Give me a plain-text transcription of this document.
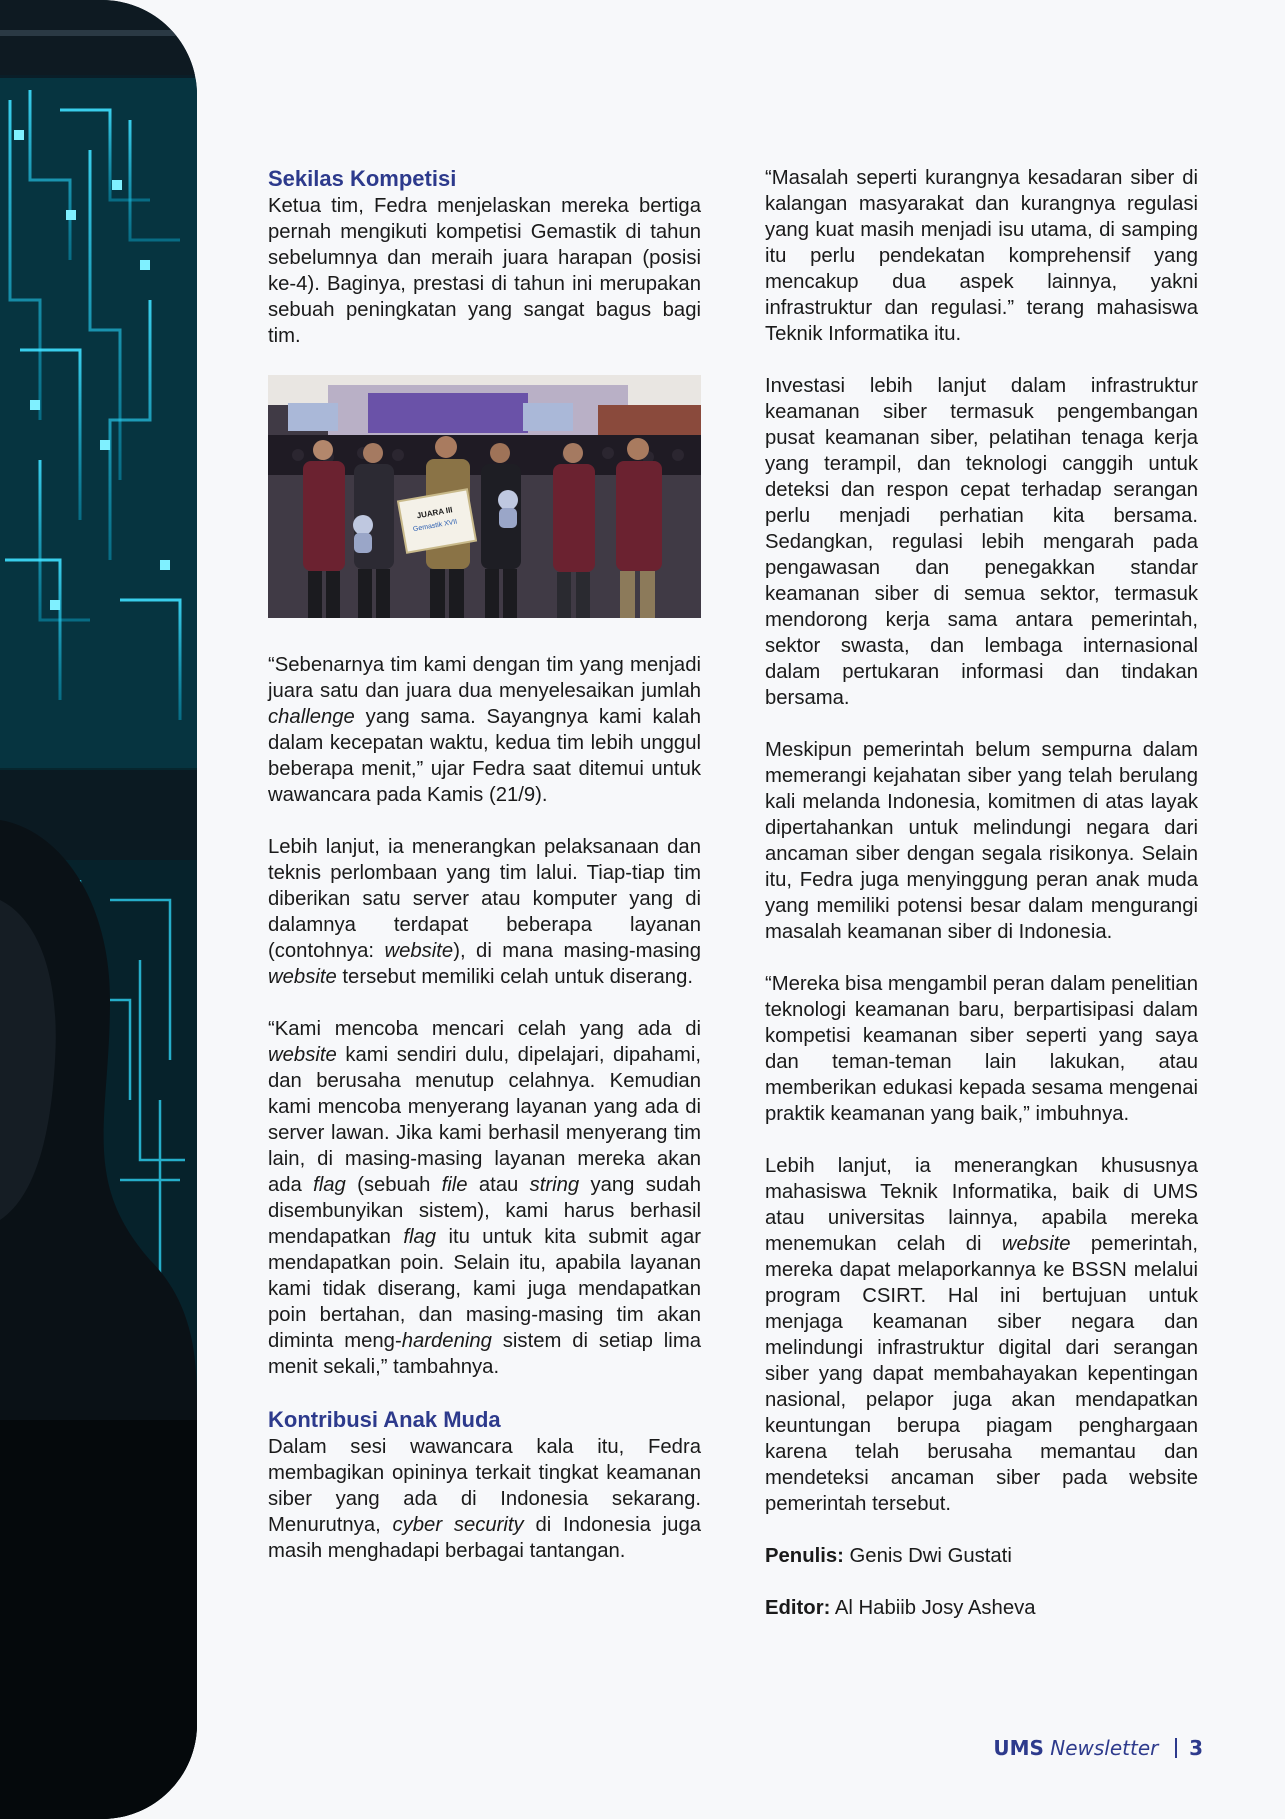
Sekilas Kompetisi

Ketua tim, Fedra menjelaskan mereka bertiga pernah mengikuti kompetisi Gemastik di tahun sebelumnya dan meraih juara harapan (posisi ke-4). Baginya, prestasi di tahun ini merupakan sebuah peningkatan yang sangat bagus bagi tim.

JUARA III
Gemastik XVII

“Sebenarnya tim kami dengan tim yang menjadi juara satu dan juara dua menyelesaikan jumlah challenge yang sama. Sayangnya kami kalah dalam kecepatan waktu, kedua tim lebih unggul beberapa menit,” ujar Fedra saat ditemui untuk wawancara pada Kamis (21/9).

Lebih lanjut, ia menerangkan pelaksanaan dan teknis perlombaan yang tim lalui. Tiap-tiap tim diberikan satu server atau komputer yang di dalamnya terdapat beberapa layanan (contohnya: website), di mana masing-masing website tersebut memiliki celah untuk diserang.

“Kami mencoba mencari celah yang ada di website kami sendiri dulu, dipelajari, dipahami, dan berusaha menutup celahnya. Kemudian kami mencoba menyerang layanan yang ada di server lawan. Jika kami berhasil menyerang tim lain, di masing-masing layanan mereka akan ada flag (sebuah file atau string yang sudah disembunyikan sistem), kami harus berhasil mendapatkan flag itu untuk kita submit agar mendapatkan poin. Selain itu, apabila layanan kami tidak diserang, kami juga mendapatkan poin bertahan, dan masing-masing tim akan diminta meng-hardening sistem di setiap lima menit sekali,” tambahnya.

Kontribusi Anak Muda

Dalam sesi wawancara kala itu, Fedra membagikan opininya terkait tingkat keamanan siber yang ada di Indonesia sekarang. Menurutnya, cyber security di Indonesia juga masih menghadapi berbagai tantangan.

“Masalah seperti kurangnya kesadaran siber di kalangan masyarakat dan kurangnya regulasi yang kuat masih menjadi isu utama, di samping itu perlu pendekatan komprehensif yang mencakup dua aspek lainnya, yakni infrastruktur dan regulasi.” terang mahasiswa Teknik Informatika itu.

Investasi lebih lanjut dalam infrastruktur keamanan siber termasuk pengembangan pusat keamanan siber, pelatihan tenaga kerja yang terampil, dan teknologi canggih untuk deteksi dan respon cepat terhadap serangan perlu menjadi perhatian kita bersama. Sedangkan, regulasi lebih mengarah pada pengawasan dan penegakkan standar keamanan siber di semua sektor, termasuk mendorong kerja sama antara pemerintah, sektor swasta, dan lembaga internasional dalam pertukaran informasi dan tindakan bersama.

Meskipun pemerintah belum sempurna dalam memerangi kejahatan siber yang telah berulang kali melanda Indonesia, komitmen di atas layak dipertahankan untuk melindungi negara dari ancaman siber dengan segala risikonya. Selain itu, Fedra juga menyinggung peran anak muda yang memiliki potensi besar dalam mengurangi masalah keamanan siber di Indonesia.

“Mereka bisa mengambil peran dalam penelitian teknologi keamanan baru, berpartisipasi dalam kompetisi keamanan siber seperti yang saya dan teman-teman lain lakukan, atau memberikan edukasi kepada sesama mengenai praktik keamanan yang baik,” imbuhnya.

Lebih lanjut, ia menerangkan khususnya mahasiswa Teknik Informatika, baik di UMS atau universitas lainnya, apabila mereka menemukan celah di website pemerintah, mereka dapat melaporkannya ke BSSN melalui program CSIRT. Hal ini bertujuan untuk menjaga keamanan siber negara dan melindungi infrastruktur digital dari serangan siber yang dapat membahayakan kepentingan nasional, pelapor juga akan mendapatkan keuntungan berupa piagam penghargaan karena telah berusaha memantau dan mendeteksi ancaman siber pada website pemerintah tersebut.

Penulis: Genis Dwi Gustati

Editor: Al Habiib Josy Asheva

UMS Newsletter 3
